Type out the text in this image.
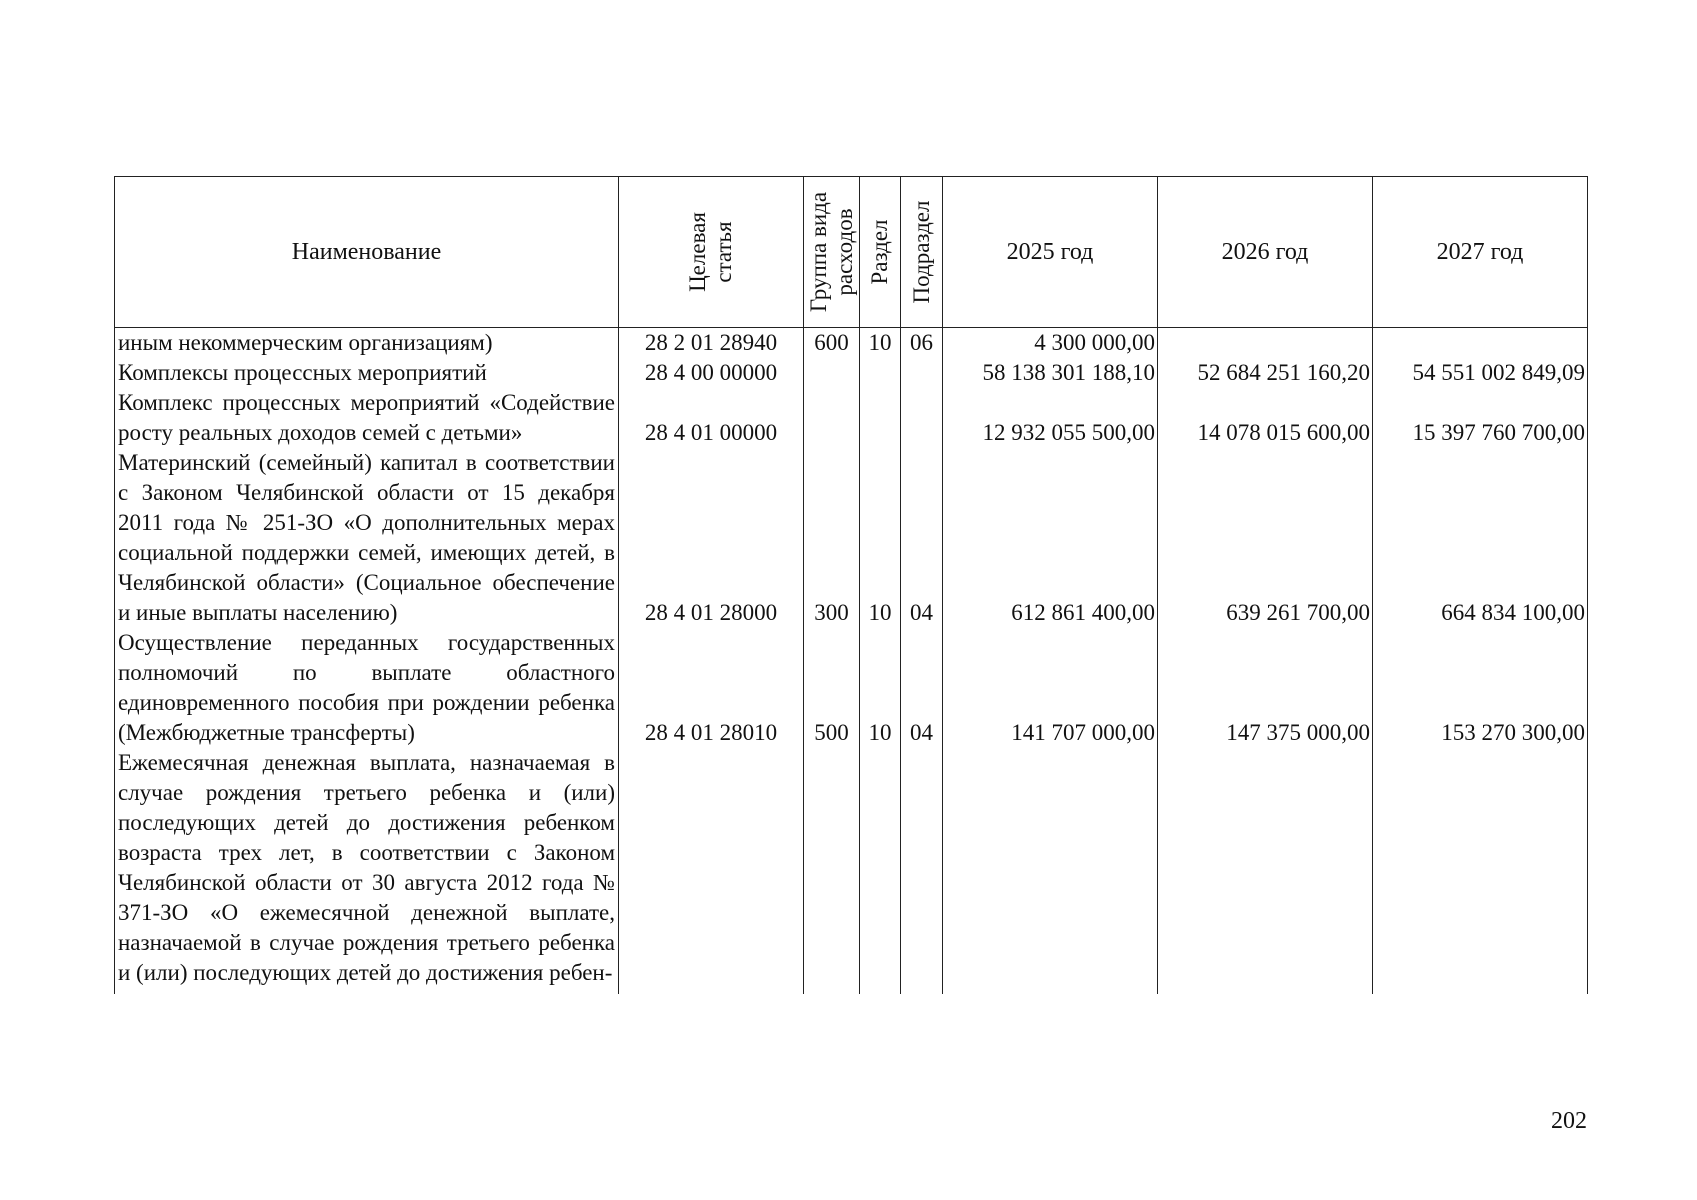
Наименование	Целевая статья	Группа вида расходов	Раздел	Подраздел	2025 год	2026 год	2027 год
иным некоммерческим организациям)	28 2 01 28940	600	10	06	4 300 000,00		
Комплексы процессных мероприятий	28 4 00 00000				58 138 301 188,10	52 684 251 160,20	54 551 002 849,09
Комплекс процессных мероприятий «Содействие росту реальных доходов семей с детьми»	28 4 01 00000				12 932 055 500,00	14 078 015 600,00	15 397 760 700,00
Материнский (семейный) капитал в соответствии с Законом Челябинской области от 15 декабря 2011 года № 251-ЗО «О дополнительных мерах социальной поддержки семей, имеющих детей, в Челябинской области» (Социальное обеспечение и иные выплаты населению)	28 4 01 28000	300	10	04	612 861 400,00	639 261 700,00	664 834 100,00
Осуществление переданных государственных полномочий по выплате областного единовременного пособия при рождении ребенка (Межбюджетные трансферты)	28 4 01 28010	500	10	04	141 707 000,00	147 375 000,00	153 270 300,00
Ежемесячная денежная выплата, назначаемая в случае рождения третьего ребенка и (или) последующих детей до достижения ребенком возраста трех лет, в соответствии с Законом Челябинской области от 30 августа 2012 года № 371-ЗО «О ежемесячной денежной выплате, назначаемой в случае рождения третьего ребенка и (или) последующих детей до достижения ребен-							

202
